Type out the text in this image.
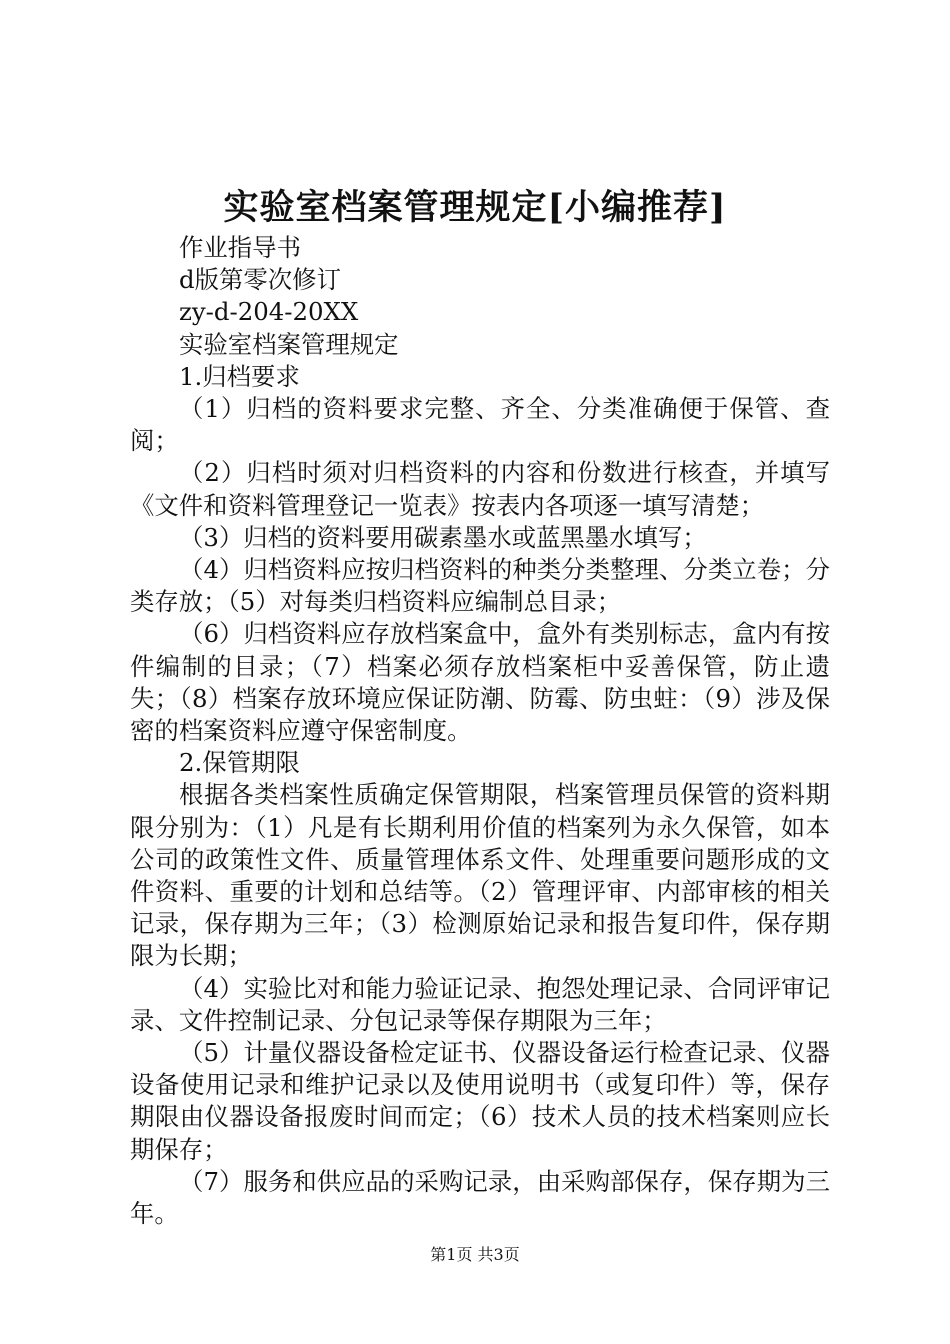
实验室档案管理规定[小编推荐]

作业指导书

d版第零次修订

zy-d-204-20XX

实验室档案管理规定

1.归档要求

（1）归档的资料要求完整、齐全、分类准确便于保管、查阅；

（2）归档时须对归档资料的内容和份数进行核查，并填写《文件和资料管理登记一览表》按表内各项逐一填写清楚；

（3）归档的资料要用碳素墨水或蓝黑墨水填写；

（4）归档资料应按归档资料的种类分类整理、分类立卷；分类存放；（5）对每类归档资料应编制总目录；

（6）归档资料应存放档案盒中，盒外有类别标志，盒内有按件编制的目录；（7）档案必须存放档案柜中妥善保管，防止遗失；（8）档案存放环境应保证防潮、防霉、防虫蛀：（9）涉及保密的档案资料应遵守保密制度。

2.保管期限

根据各类档案性质确定保管期限，档案管理员保管的资料期限分别为：（1）凡是有长期利用价值的档案列为永久保管，如本公司的政策性文件、质量管理体系文件、处理重要问题形成的文件资料、重要的计划和总结等。（2）管理评审、内部审核的相关记录，保存期为三年；（3）检测原始记录和报告复印件，保存期限为长期；

（4）实验比对和能力验证记录、抱怨处理记录、合同评审记录、文件控制记录、分包记录等保存期限为三年；

（5）计量仪器设备检定证书、仪器设备运行检查记录、仪器设备使用记录和维护记录以及使用说明书（或复印件）等，保存期限由仪器设备报废时间而定；（6）技术人员的技术档案则应长期保存；

（7）服务和供应品的采购记录，由采购部保存，保存期为三年。

第1页 共3页
